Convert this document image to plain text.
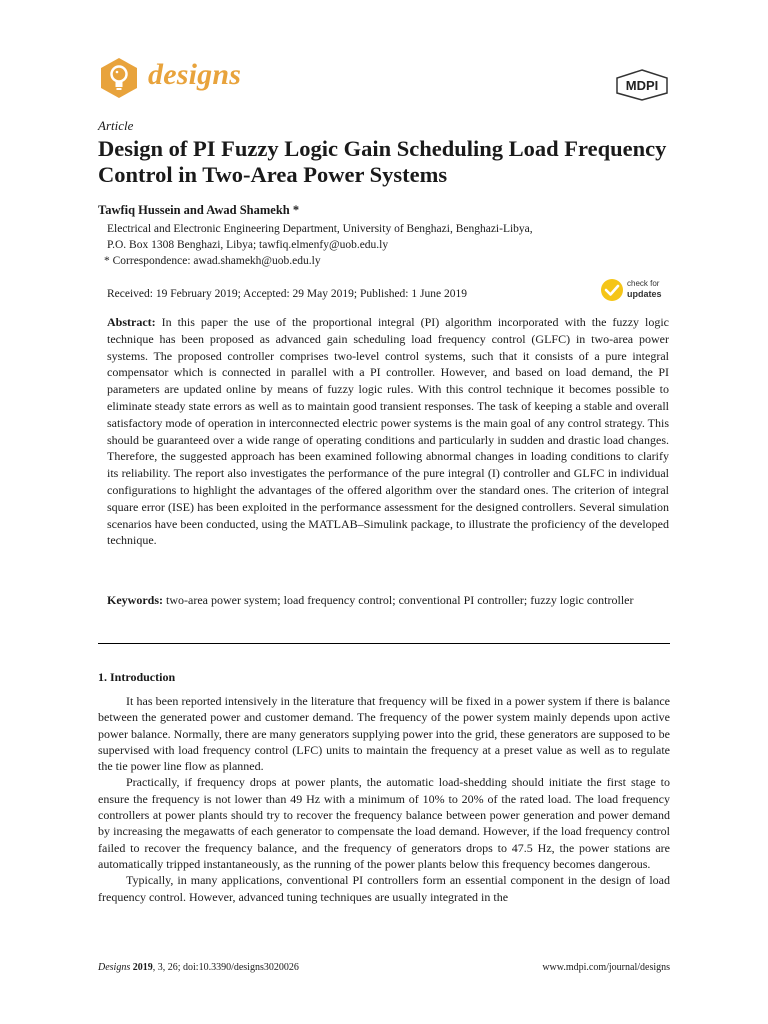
designs	MDPI
Article
Design of PI Fuzzy Logic Gain Scheduling Load Frequency Control in Two-Area Power Systems
Tawfiq Hussein and Awad Shamekh *
Electrical and Electronic Engineering Department, University of Benghazi, Benghazi-Libya,
P.O. Box 1308 Benghazi, Libya; tawfiq.elmenfy@uob.edu.ly
* Correspondence: awad.shamekh@uob.edu.ly
check for
updates
Received: 19 February 2019; Accepted: 29 May 2019; Published: 1 June 2019
Abstract: In this paper the use of the proportional integral (PI) algorithm incorporated with the fuzzy logic technique has been proposed as advanced gain scheduling load frequency control (GLFC) in two-area power systems. The proposed controller comprises two-level control systems, such that it consists of a pure integral compensator which is connected in parallel with a PI controller. However, and based on load demand, the PI parameters are updated online by means of fuzzy logic rules. With this control technique it becomes possible to eliminate steady state errors as well as to maintain good transient responses. The task of keeping a stable and overall satisfactory mode of operation in interconnected electric power systems is the main goal of any control strategy. This should be guaranteed over a wide range of operating conditions and particularly in sudden and drastic load changes. Therefore, the suggested approach has been examined following abnormal changes in loading conditions to clarify its reliability. The report also investigates the performance of the pure integral (I) controller and GLFC in individual configurations to highlight the advantages of the offered algorithm over the standard ones. The criterion of integral square error (ISE) has been exploited in the performance assessment for the designed controllers. Several simulation scenarios have been conducted, using the MATLAB–Simulink package, to illustrate the proficiency of the developed technique.
Keywords: two-area power system; load frequency control; conventional PI controller; fuzzy logic controller
1. Introduction

It has been reported intensively in the literature that frequency will be fixed in a power system if there is balance between the generated power and customer demand. The frequency of the power system mainly depends upon active power balance. Normally, there are many generators supplying power into the grid, these generators are supposed to be supervised with load frequency control (LFC) units to maintain the frequency at a preset value as well as to regulate the tie power line flow as planned.

Practically, if frequency drops at power plants, the automatic load-shedding should initiate the first stage to ensure the frequency is not lower than 49 Hz with a minimum of 10% to 20% of the rated load. The load frequency controllers at power plants should try to recover the frequency balance between power generation and power demand by increasing the megawatts of each generator to compensate the load demand. However, if the load frequency control failed to recover the frequency balance, and the frequency of generators drops to 47.5 Hz, the power stations are automatically tripped instantaneously, as the running of the power plants below this frequency becomes dangerous.

Typically, in many applications, conventional PI controllers form an essential component in the design of load frequency control. However, advanced tuning techniques are usually integrated in the

Designs 2019, 3, 26; doi:10.3390/designs3020026	www.mdpi.com/journal/designs
